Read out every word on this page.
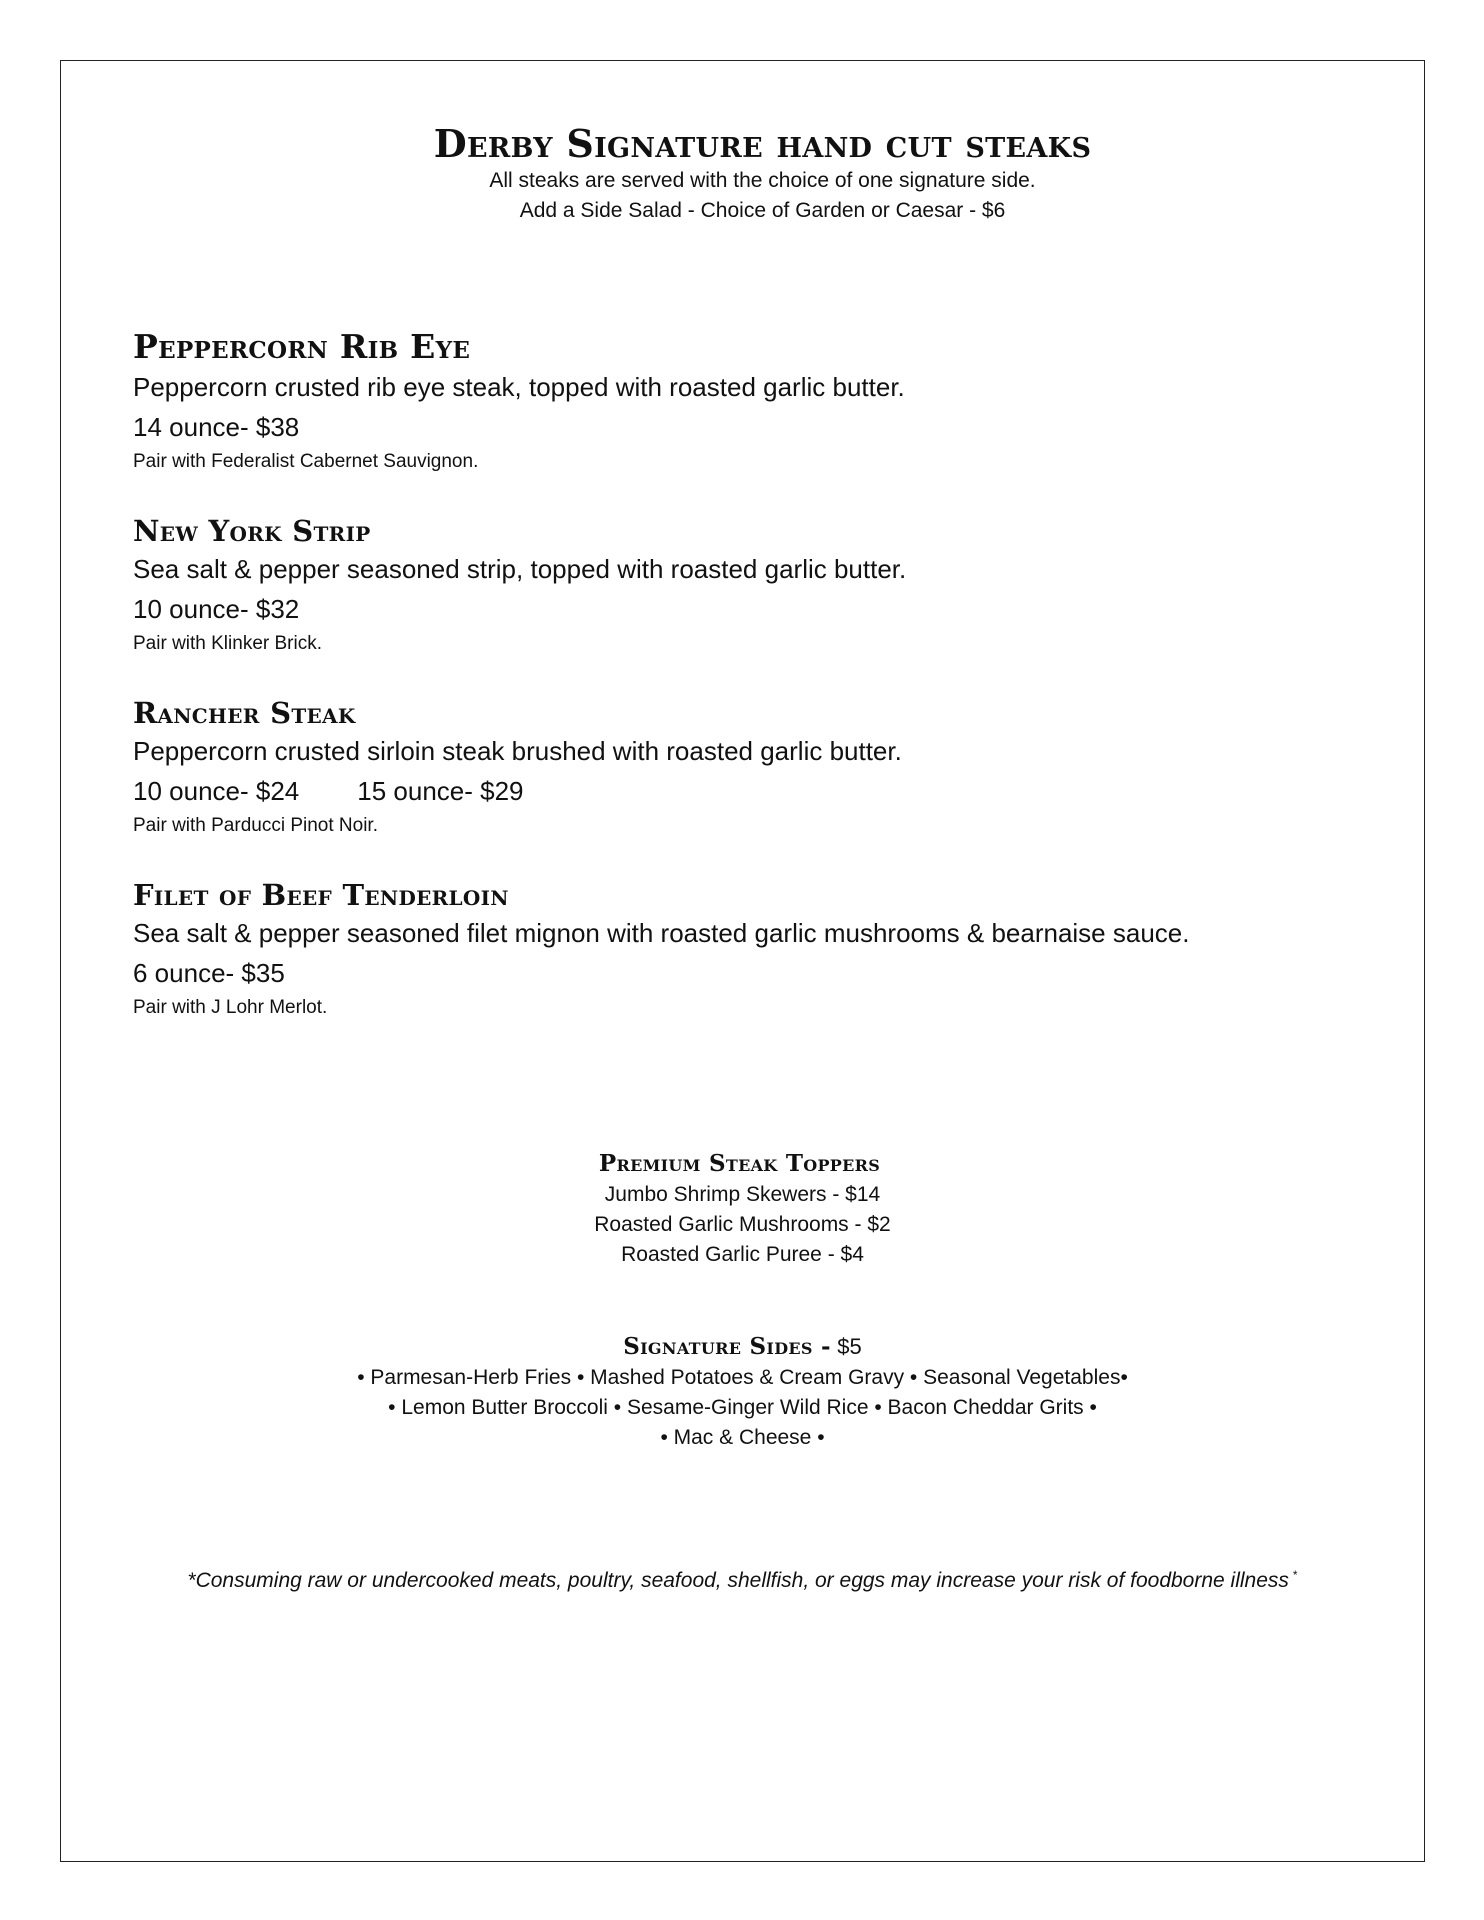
Derby Signature hand cut steaks
All steaks are served with the choice of one signature side.
Add a Side Salad - Choice of Garden or Caesar - $6
Peppercorn Rib Eye
Peppercorn crusted rib eye steak, topped with roasted garlic butter.
14 ounce- $38
Pair with Federalist Cabernet Sauvignon.
New York Strip
Sea salt & pepper seasoned strip, topped with roasted garlic butter.
10 ounce- $32
Pair with Klinker Brick.
Rancher Steak
Peppercorn crusted sirloin steak brushed with roasted garlic butter.
10 ounce- $24 15 ounce- $29
Pair with Parducci Pinot Noir.
Filet of Beef Tenderloin
Sea salt & pepper seasoned filet mignon with roasted garlic mushrooms & bearnaise sauce.
6 ounce- $35
Pair with J Lohr Merlot.
Premium Steak Toppers
Jumbo Shrimp Skewers - $14
Roasted Garlic Mushrooms - $2
Roasted Garlic Puree - $4
Signature Sides - $5
• Parmesan-Herb Fries • Mashed Potatoes & Cream Gravy • Seasonal Vegetables•
• Lemon Butter Broccoli • Sesame-Ginger Wild Rice • Bacon Cheddar Grits •
• Mac & Cheese •
*Consuming raw or undercooked meats, poultry, seafood, shellfish, or eggs may increase your risk of foodborne illness *
